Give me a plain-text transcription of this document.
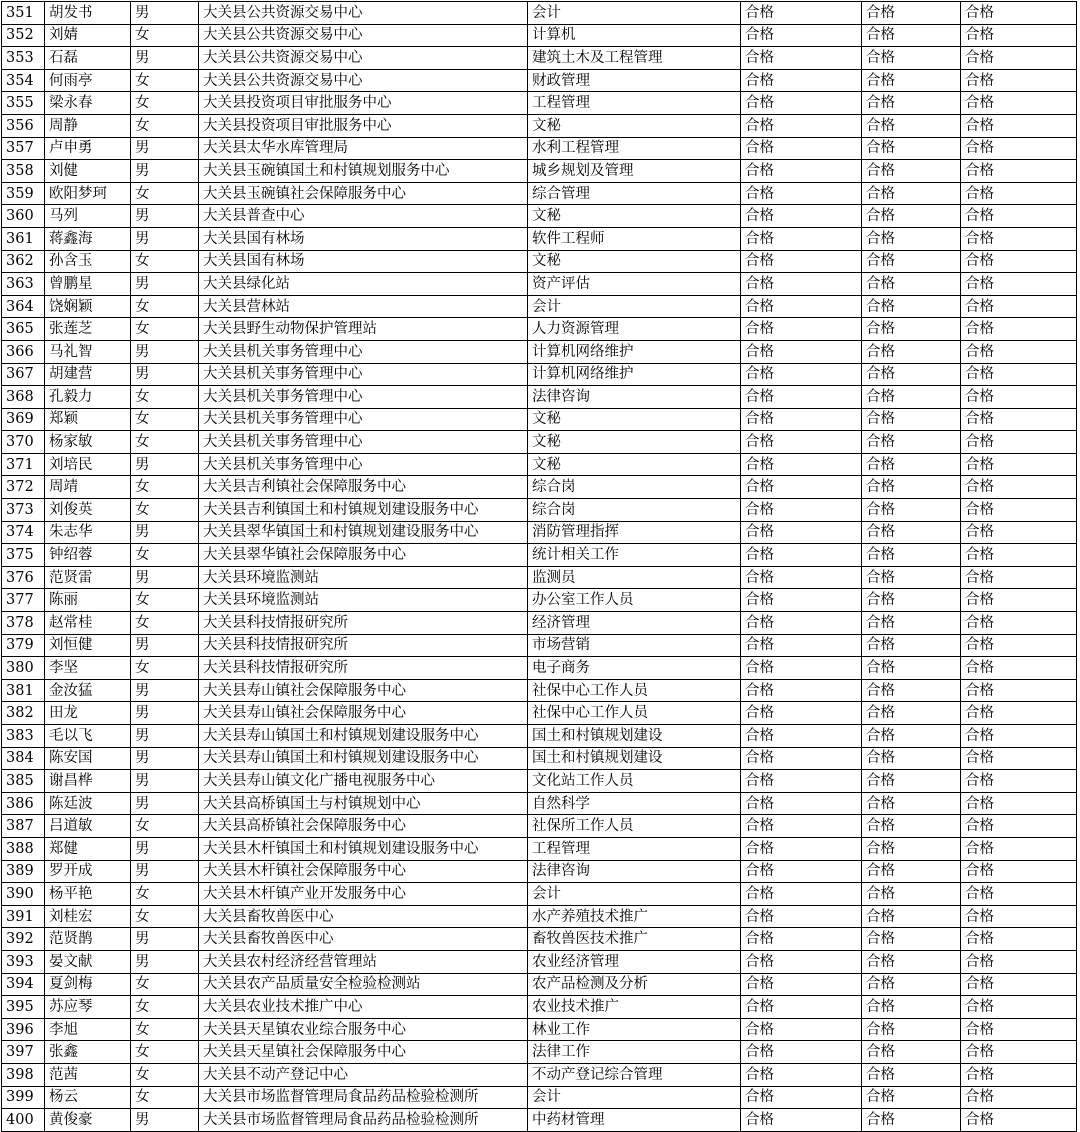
351	胡发书	男	大关县公共资源交易中心	会计	合格	合格	合格
352	刘婧	女	大关县公共资源交易中心	计算机	合格	合格	合格
353	石磊	男	大关县公共资源交易中心	建筑土木及工程管理	合格	合格	合格
354	何雨亭	女	大关县公共资源交易中心	财政管理	合格	合格	合格
355	梁永春	女	大关县投资项目审批服务中心	工程管理	合格	合格	合格
356	周静	女	大关县投资项目审批服务中心	文秘	合格	合格	合格
357	卢申勇	男	大关县太华水库管理局	水利工程管理	合格	合格	合格
358	刘健	男	大关县玉碗镇国土和村镇规划服务中心	城乡规划及管理	合格	合格	合格
359	欧阳梦珂	女	大关县玉碗镇社会保障服务中心	综合管理	合格	合格	合格
360	马列	男	大关县普查中心	文秘	合格	合格	合格
361	蒋鑫海	男	大关县国有林场	软件工程师	合格	合格	合格
362	孙含玉	女	大关县国有林场	文秘	合格	合格	合格
363	曾鹏星	男	大关县绿化站	资产评估	合格	合格	合格
364	饶娴颖	女	大关县营林站	会计	合格	合格	合格
365	张莲芝	女	大关县野生动物保护管理站	人力资源管理	合格	合格	合格
366	马礼智	男	大关县机关事务管理中心	计算机网络维护	合格	合格	合格
367	胡建营	男	大关县机关事务管理中心	计算机网络维护	合格	合格	合格
368	孔毅力	女	大关县机关事务管理中心	法律咨询	合格	合格	合格
369	郑颖	女	大关县机关事务管理中心	文秘	合格	合格	合格
370	杨家敏	女	大关县机关事务管理中心	文秘	合格	合格	合格
371	刘培民	男	大关县机关事务管理中心	文秘	合格	合格	合格
372	周靖	女	大关县吉利镇社会保障服务中心	综合岗	合格	合格	合格
373	刘俊英	女	大关县吉利镇国土和村镇规划建设服务中心	综合岗	合格	合格	合格
374	朱志华	男	大关县翠华镇国土和村镇规划建设服务中心	消防管理指挥	合格	合格	合格
375	钟绍蓉	女	大关县翠华镇社会保障服务中心	统计相关工作	合格	合格	合格
376	范贤雷	男	大关县环境监测站	监测员	合格	合格	合格
377	陈丽	女	大关县环境监测站	办公室工作人员	合格	合格	合格
378	赵常桂	女	大关县科技情报研究所	经济管理	合格	合格	合格
379	刘恒健	男	大关县科技情报研究所	市场营销	合格	合格	合格
380	李坚	女	大关县科技情报研究所	电子商务	合格	合格	合格
381	金汝猛	男	大关县寿山镇社会保障服务中心	社保中心工作人员	合格	合格	合格
382	田龙	男	大关县寿山镇社会保障服务中心	社保中心工作人员	合格	合格	合格
383	毛以飞	男	大关县寿山镇国土和村镇规划建设服务中心	国土和村镇规划建设	合格	合格	合格
384	陈安国	男	大关县寿山镇国土和村镇规划建设服务中心	国土和村镇规划建设	合格	合格	合格
385	谢昌桦	男	大关县寿山镇文化广播电视服务中心	文化站工作人员	合格	合格	合格
386	陈廷波	男	大关县高桥镇国土与村镇规划中心	自然科学	合格	合格	合格
387	吕道敏	女	大关县高桥镇社会保障服务中心	社保所工作人员	合格	合格	合格
388	郑健	男	大关县木杆镇国土和村镇规划建设服务中心	工程管理	合格	合格	合格
389	罗开成	男	大关县木杆镇社会保障服务中心	法律咨询	合格	合格	合格
390	杨平艳	女	大关县木杆镇产业开发服务中心	会计	合格	合格	合格
391	刘桂宏	女	大关县畜牧兽医中心	水产养殖技术推广	合格	合格	合格
392	范贤鹊	男	大关县畜牧兽医中心	畜牧兽医技术推广	合格	合格	合格
393	晏文献	男	大关县农村经济经营管理站	农业经济管理	合格	合格	合格
394	夏剑梅	女	大关县农产品质量安全检验检测站	农产品检测及分析	合格	合格	合格
395	苏应琴	女	大关县农业技术推广中心	农业技术推广	合格	合格	合格
396	李旭	女	大关县天星镇农业综合服务中心	林业工作	合格	合格	合格
397	张鑫	女	大关县天星镇社会保障服务中心	法律工作	合格	合格	合格
398	范茜	女	大关县不动产登记中心	不动产登记综合管理	合格	合格	合格
399	杨云	女	大关县市场监督管理局食品药品检验检测所	会计	合格	合格	合格
400	黄俊豪	男	大关县市场监督管理局食品药品检验检测所	中药材管理	合格	合格	合格
